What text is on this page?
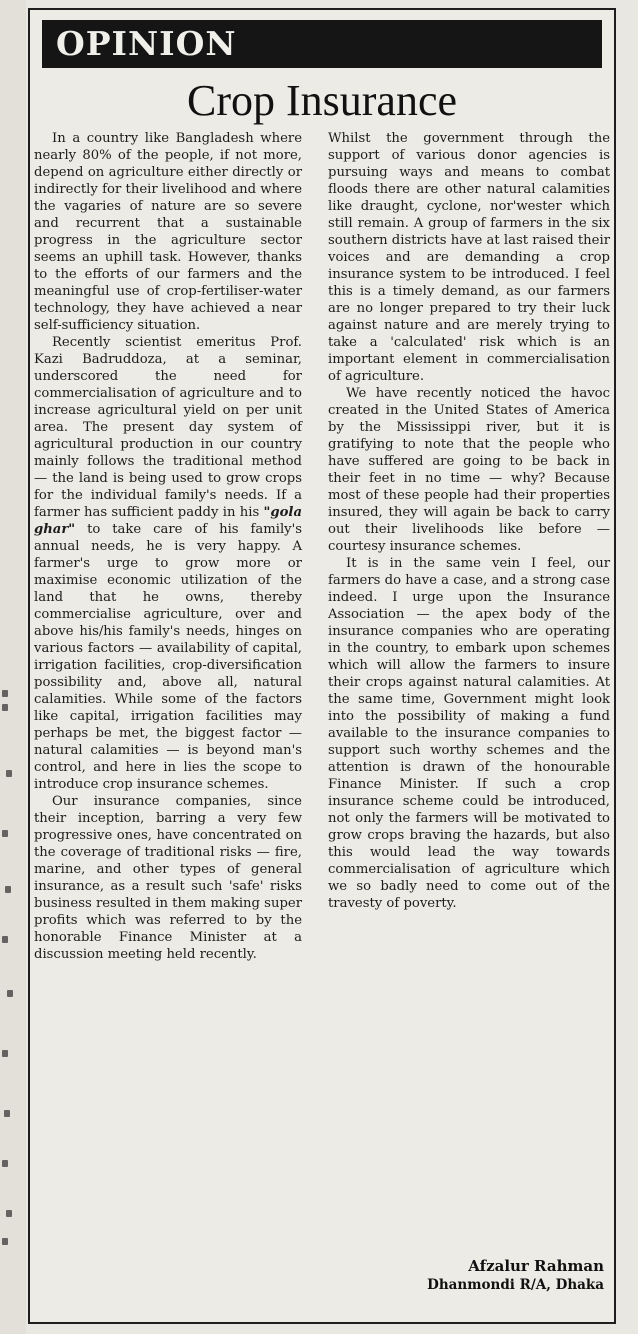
OPINION
Crop Insurance

In a country like Bangladesh where nearly 80% of the people, if not more, depend on agriculture either directly or indirectly for their livelihood and where the vagaries of nature are so severe and recurrent that a sustainable progress in the agriculture sector seems an uphill task. However, thanks to the efforts of our farmers and the meaningful use of crop-fertiliser-water technology, they have achieved a near self-sufficiency situation.

Recently scientist emeritus Prof. Kazi Badruddoza, at a seminar, underscored the need for commercialisation of agriculture and to increase agricultural yield on per unit area. The present day system of agricultural production in our country mainly follows the traditional method — the land is being used to grow crops for the individual family's needs. If a farmer has sufficient paddy in his "gola ghar" to take care of his family's annual needs, he is very happy. A farmer's urge to grow more or maximise economic utilization of the land that he owns, thereby commercialise agriculture, over and above his/his family's needs, hinges on various factors — availability of capital, irrigation facilities, crop-diversification possibility and, above all, natural calamities. While some of the factors like capital, irrigation facilities may perhaps be met, the biggest factor — natural calamities — is beyond man's control, and here in lies the scope to introduce crop insurance schemes.

Our insurance companies, since their inception, barring a very few progressive ones, have concentrated on the coverage of traditional risks — fire, marine, and other types of general insurance, as a result such 'safe' risks business resulted in them making super profits which was referred to by the honorable Finance Minister at a discussion meeting held recently.

Whilst the government through the support of various donor agencies is pursuing ways and means to combat floods there are other natural calamities like draught, cyclone, nor'wester which still remain. A group of farmers in the six southern districts have at last raised their voices and are demanding a crop insurance system to be introduced. I feel this is a timely demand, as our farmers are no longer prepared to try their luck against nature and are merely trying to take a 'calculated' risk which is an important element in commercialisation of agriculture.

We have recently noticed the havoc created in the United States of America by the Mississippi river, but it is gratifying to note that the people who have suffered are going to be back in their feet in no time — why? Because most of these people had their properties insured, they will again be back to carry out their livelihoods like before — courtesy insurance schemes.

It is in the same vein I feel, our farmers do have a case, and a strong case indeed. I urge upon the Insurance Association — the apex body of the insurance companies who are operating in the country, to embark upon schemes which will allow the farmers to insure their crops against natural calamities. At the same time, Government might look into the possibility of making a fund available to the insurance companies to support such worthy schemes and the attention is drawn of the honourable Finance Minister. If such a crop insurance scheme could be introduced, not only the farmers will be motivated to grow crops braving the hazards, but also this would lead the way towards commercialisation of agriculture which we so badly need to come out of the travesty of poverty.

Afzalur Rahman
Dhanmondi R/A, Dhaka
